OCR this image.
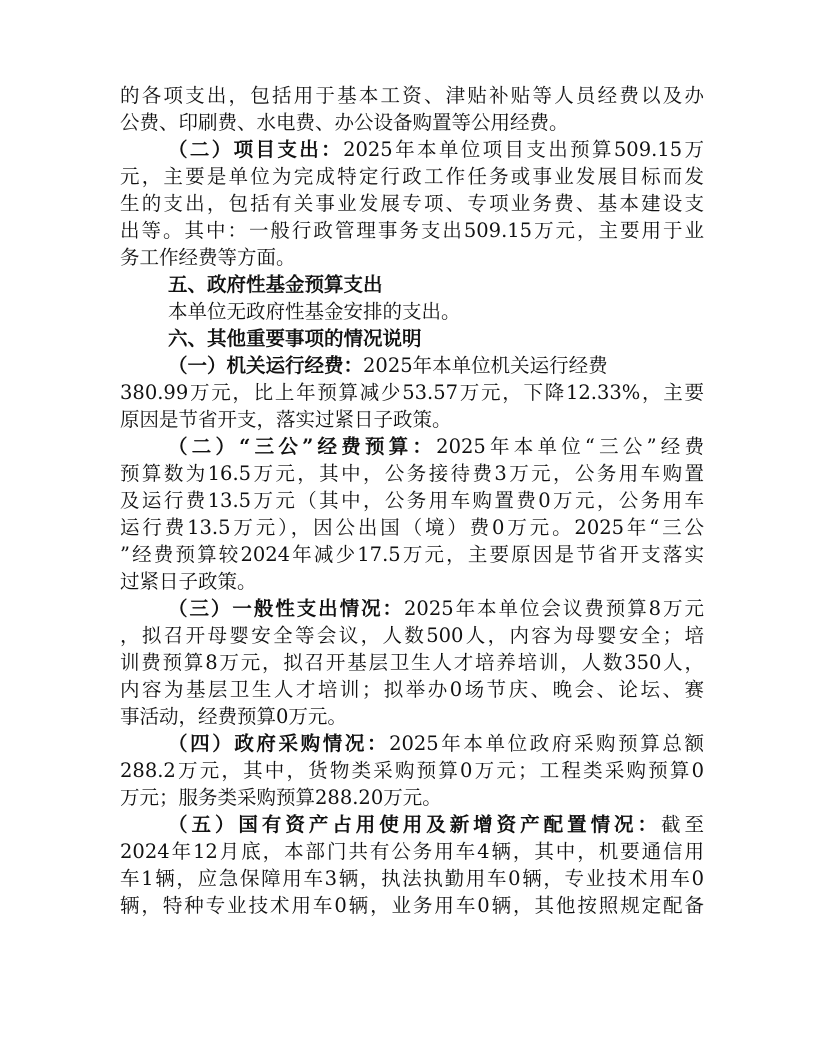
的各项支出，包括用于基本工资、津贴补贴等人员经费以及办
公费、印刷费、水电费、办公设备购置等公用经费。
（二）项目支出：2025年本单位项目支出预算509.15万
元，主要是单位为完成特定行政工作任务或事业发展目标而发
生的支出，包括有关事业发展专项、专项业务费、基本建设支
出等。其中：一般行政管理事务支出509.15万元，主要用于业
务工作经费等方面。
五、政府性基金预算支出
本单位无政府性基金安排的支出。
六、其他重要事项的情况说明
（一）机关运行经费：2025年本单位机关运行经费
380.99万元，比上年预算减少53.57万元，下降12.33%，主要
原因是节省开支，落实过紧日子政策。
（二）“三公”经费预算：2025年本单位“三公”经费
预算数为16.5万元，其中，公务接待费3万元，公务用车购置
及运行费13.5万元（其中，公务用车购置费0万元，公务用车
运行费13.5万元），因公出国（境）费0万元。2025年“三公
”经费预算较2024年减少17.5万元，主要原因是节省开支落实
过紧日子政策。
（三）一般性支出情况：2025年本单位会议费预算8万元
，拟召开母婴安全等会议，人数500人，内容为母婴安全；培
训费预算8万元，拟召开基层卫生人才培养培训，人数350人，
内容为基层卫生人才培训；拟举办0场节庆、晚会、论坛、赛
事活动，经费预算0万元。
（四）政府采购情况：2025年本单位政府采购预算总额
288.2万元，其中，货物类采购预算0万元；工程类采购预算0
万元；服务类采购预算288.20万元。
（五）国有资产占用使用及新增资产配置情况：截至
2024年12月底，本部门共有公务用车4辆，其中，机要通信用
车1辆，应急保障用车3辆，执法执勤用车0辆，专业技术用车0
辆，特种专业技术用车0辆，业务用车0辆，其他按照规定配备
